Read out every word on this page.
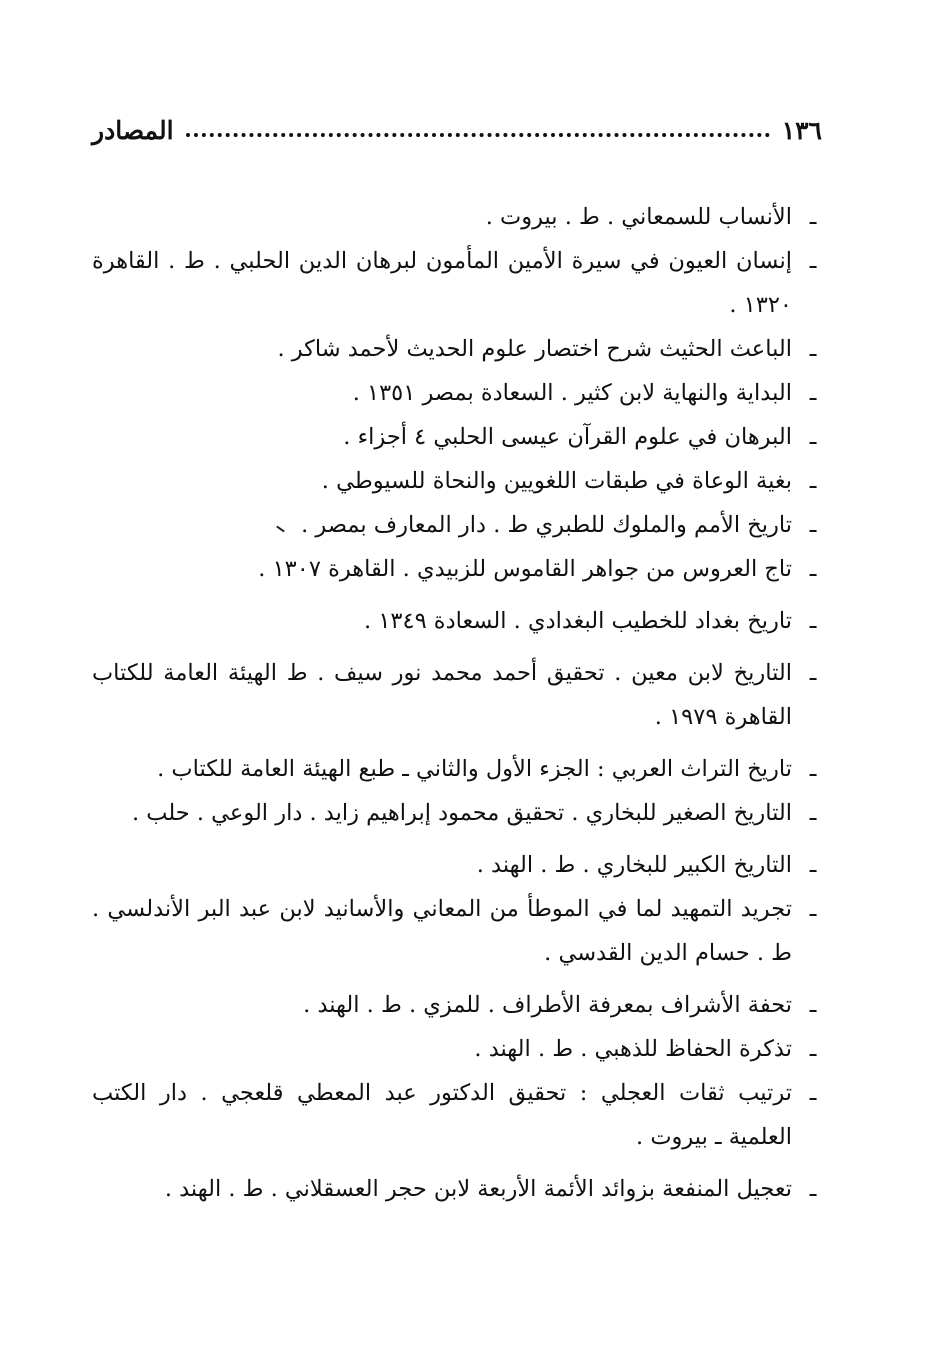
١٣٦
المصادر
ـ
الأنساب للسمعاني . ط . بيروت .
ـ
إنسان العيون في سيرة الأمين المأمون لبرهان الدين الحلبي . ط . القاهرة ١٣٢٠ .
ـ
الباعث الحثيث شرح اختصار علوم الحديث لأحمد شاكر .
ـ
البداية والنهاية لابن كثير . السعادة بمصر ١٣٥١ .
ـ
البرهان في علوم القرآن عيسى الحلبي ٤ أجزاء .
ـ
بغية الوعاة في طبقات اللغويين والنحاة للسيوطي .
ـ
تاريخ الأمم والملوك للطبري ط . دار المعارف بمصر .
ـ
تاج العروس من جواهر القاموس للزبيدي . القاهرة ١٣٠٧ .
ـ
تاريخ بغداد للخطيب البغدادي . السعادة ١٣٤٩ .
ـ
التاريخ لابن معين . تحقيق أحمد محمد نور سيف . ط الهيئة العامة للكتاب القاهرة ١٩٧٩ .
ـ
تاريخ التراث العربي : الجزء الأول والثاني ـ طبع الهيئة العامة للكتاب .
ـ
التاريخ الصغير للبخاري . تحقيق محمود إبراهيم زايد . دار الوعي . حلب .
ـ
التاريخ الكبير للبخاري . ط . الهند .
ـ
تجريد التمهيد لما في الموطأ من المعاني والأسانيد لابن عبد البر الأندلسي . ط . حسام الدين القدسي .
ـ
تحفة الأشراف بمعرفة الأطراف . للمزي . ط . الهند .
ـ
تذكرة الحفاظ للذهبي . ط . الهند .
ـ
ترتيب ثقات العجلي : تحقيق الدكتور عبد المعطي قلعجي . دار الكتب العلمية ـ بيروت .
ـ
تعجيل المنفعة بزوائد الأئمة الأربعة لابن حجر العسقلاني . ط . الهند .
